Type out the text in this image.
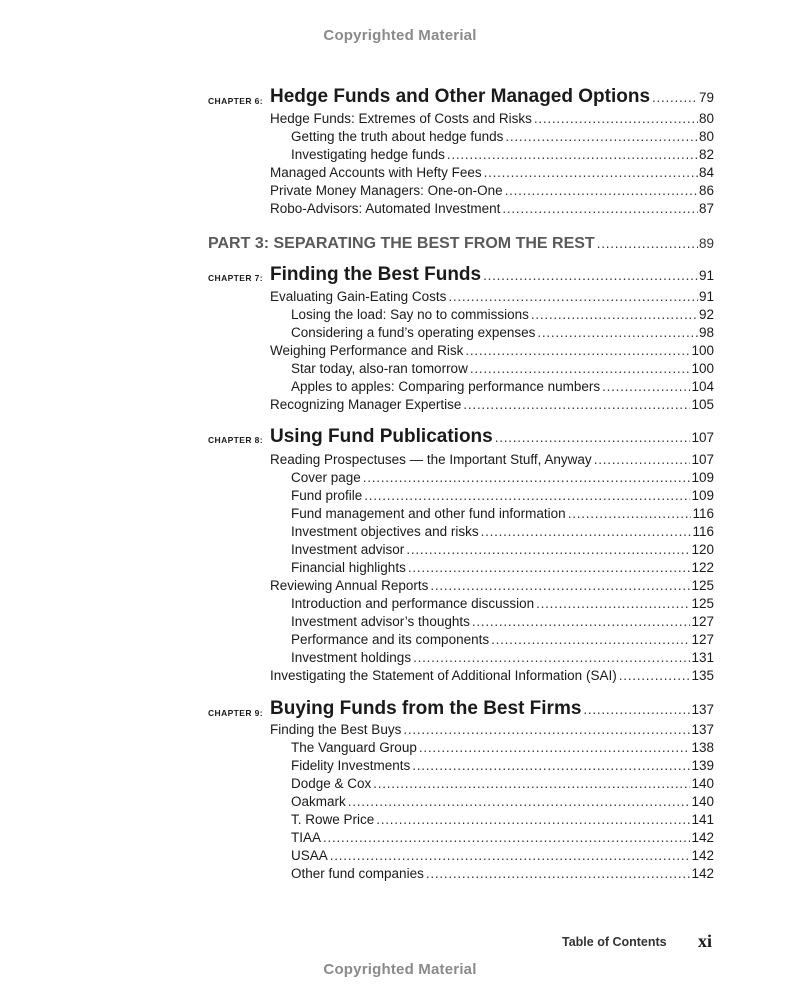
Copyrighted Material
CHAPTER 6: Hedge Funds and Other Managed Options . . .	79
Hedge Funds: Extremes of Costs and Risks . . .	80
Getting the truth about hedge funds . . .	80
Investigating hedge funds . . .	82
Managed Accounts with Hefty Fees . . .	84
Private Money Managers: One-on-One . . .	86
Robo-Advisors: Automated Investment . . .	87
PART 3: SEPARATING THE BEST FROM THE REST . . .	89
CHAPTER 7: Finding the Best Funds . . .	91
Evaluating Gain-Eating Costs . . .	91
Losing the load: Say no to commissions . . .	92
Considering a fund’s operating expenses . . .	98
Weighing Performance and Risk . . .	100
Star today, also-ran tomorrow . . .	100
Apples to apples: Comparing performance numbers . . .	104
Recognizing Manager Expertise . . .	105
CHAPTER 8: Using Fund Publications . . .	107
Reading Prospectuses — the Important Stuff, Anyway . . .	107
Cover page . . .	109
Fund profile . . .	109
Fund management and other fund information . . .	116
Investment objectives and risks . . .	116
Investment advisor . . .	120
Financial highlights . . .	122
Reviewing Annual Reports . . .	125
Introduction and performance discussion . . .	125
Investment advisor’s thoughts . . .	127
Performance and its components . . .	127
Investment holdings . . .	131
Investigating the Statement of Additional Information (SAI) . . .	135
CHAPTER 9: Buying Funds from the Best Firms . . .	137
Finding the Best Buys . . .	137
The Vanguard Group . . .	138
Fidelity Investments . . .	139
Dodge & Cox . . .	140
Oakmark . . .	140
T. Rowe Price . . .	141
TIAA . . .	142
USAA . . .	142
Other fund companies . . .	142
Table of Contents xi
Copyrighted Material
